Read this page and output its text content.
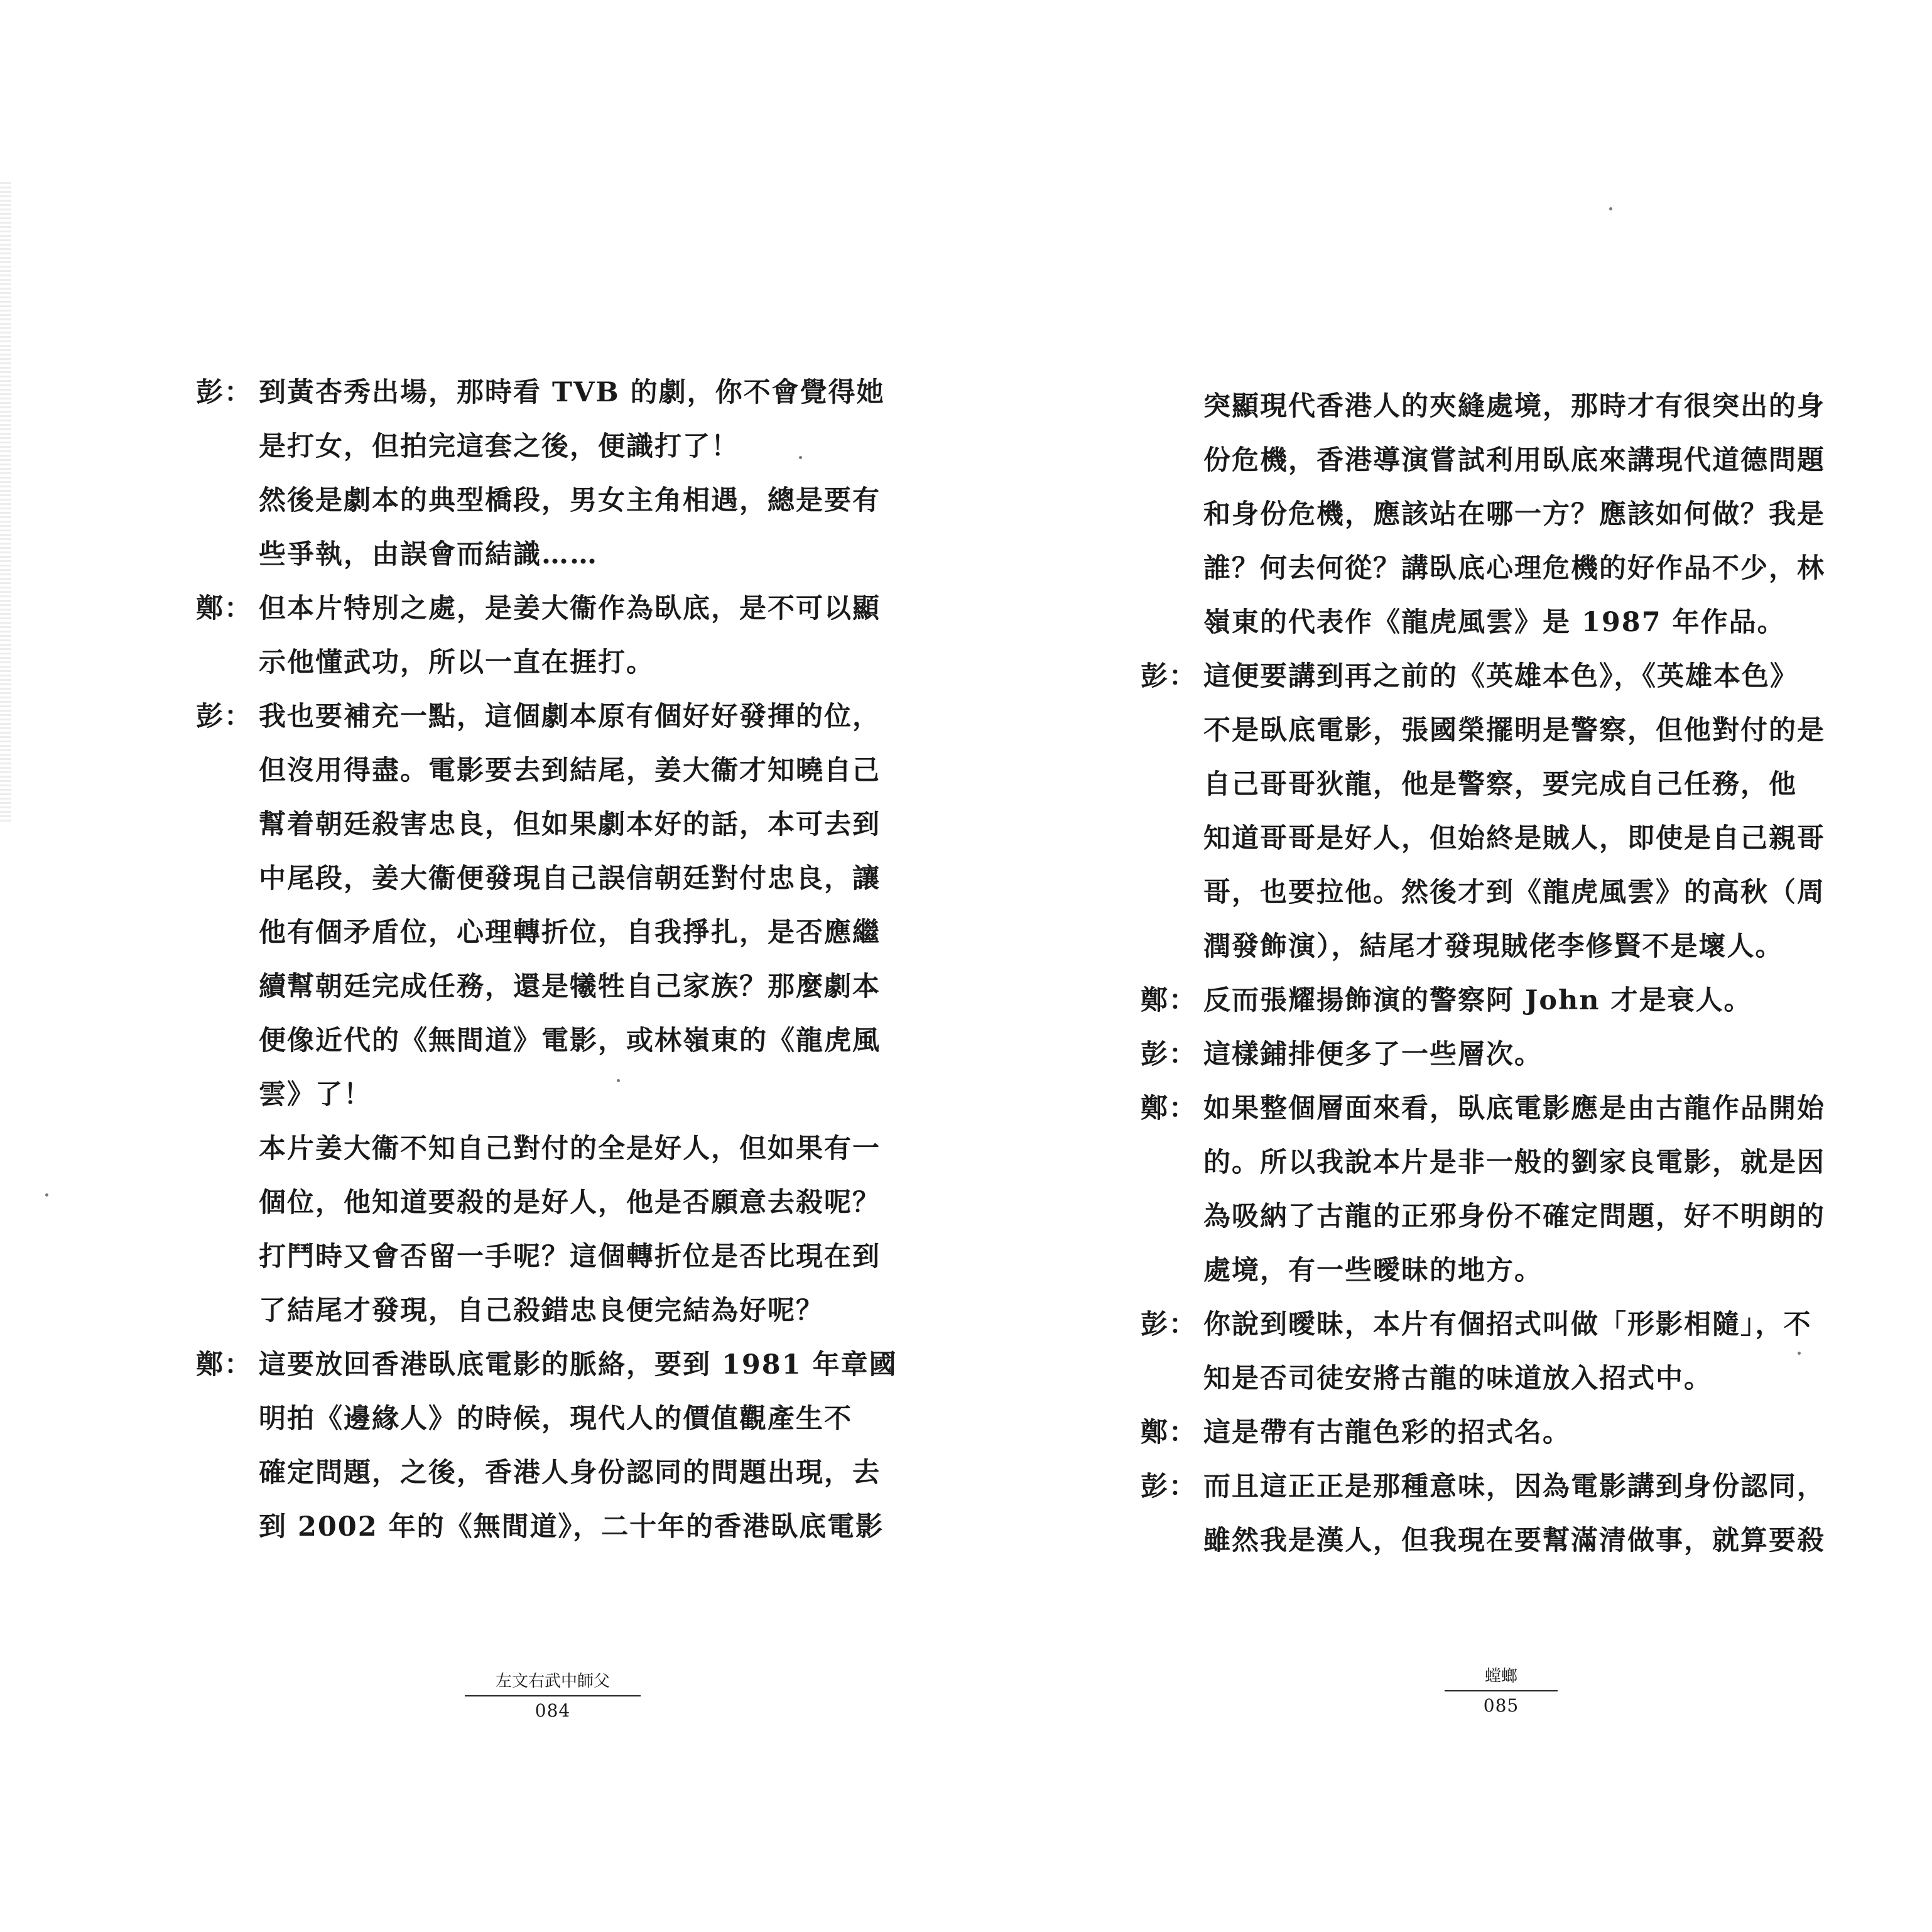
彭： 到黃杏秀出場，那時看 TVB 的劇，你不會覺得她
是打女，但拍完這套之後，便識打了！
然後是劇本的典型橋段，男女主角相遇，總是要有
些爭執，由誤會而結識……
鄭： 但本片特別之處，是姜大衞作為臥底，是不可以顯
示他懂武功，所以一直在捱打。
彭： 我也要補充一點，這個劇本原有個好好發揮的位，
但沒用得盡。電影要去到結尾，姜大衞才知曉自己
幫着朝廷殺害忠良，但如果劇本好的話，本可去到
中尾段，姜大衞便發現自己誤信朝廷對付忠良，讓
他有個矛盾位，心理轉折位，自我掙扎，是否應繼
續幫朝廷完成任務，還是犧牲自己家族？那麼劇本
便像近代的《無間道》電影，或林嶺東的《龍虎風
雲》了！
本片姜大衞不知自己對付的全是好人，但如果有一
個位，他知道要殺的是好人，他是否願意去殺呢？
打鬥時又會否留一手呢？這個轉折位是否比現在到
了結尾才發現，自己殺錯忠良便完結為好呢？
鄭： 這要放回香港臥底電影的脈絡，要到 1981 年章國
明拍《邊緣人》的時候，現代人的價值觀產生不
確定問題，之後，香港人身份認同的問題出現，去
到 2002 年的《無間道》，二十年的香港臥底電影
突顯現代香港人的夾縫處境，那時才有很突出的身
份危機，香港導演嘗試利用臥底來講現代道德問題
和身份危機，應該站在哪一方？應該如何做？我是
誰？何去何從？講臥底心理危機的好作品不少，林
嶺東的代表作《龍虎風雲》是 1987 年作品。
彭： 這便要講到再之前的《英雄本色》，《英雄本色》
不是臥底電影，張國榮擺明是警察，但他對付的是
自己哥哥狄龍，他是警察，要完成自己任務，他
知道哥哥是好人，但始終是賊人，即使是自己親哥
哥，也要拉他。然後才到《龍虎風雲》的高秋（周
潤發飾演），結尾才發現賊佬李修賢不是壞人。
鄭： 反而張耀揚飾演的警察阿 John 才是衰人。
彭： 這樣鋪排便多了一些層次。
鄭： 如果整個層面來看，臥底電影應是由古龍作品開始
的。所以我說本片是非一般的劉家良電影，就是因
為吸納了古龍的正邪身份不確定問題，好不明朗的
處境，有一些曖昧的地方。
彭： 你說到曖昧，本片有個招式叫做「形影相隨」，不
知是否司徒安將古龍的味道放入招式中。
鄭： 這是帶有古龍色彩的招式名。
彭： 而且這正正是那種意味，因為電影講到身份認同，
雖然我是漢人，但我現在要幫滿清做事，就算要殺
左文右武中師父
084
螳螂
085
